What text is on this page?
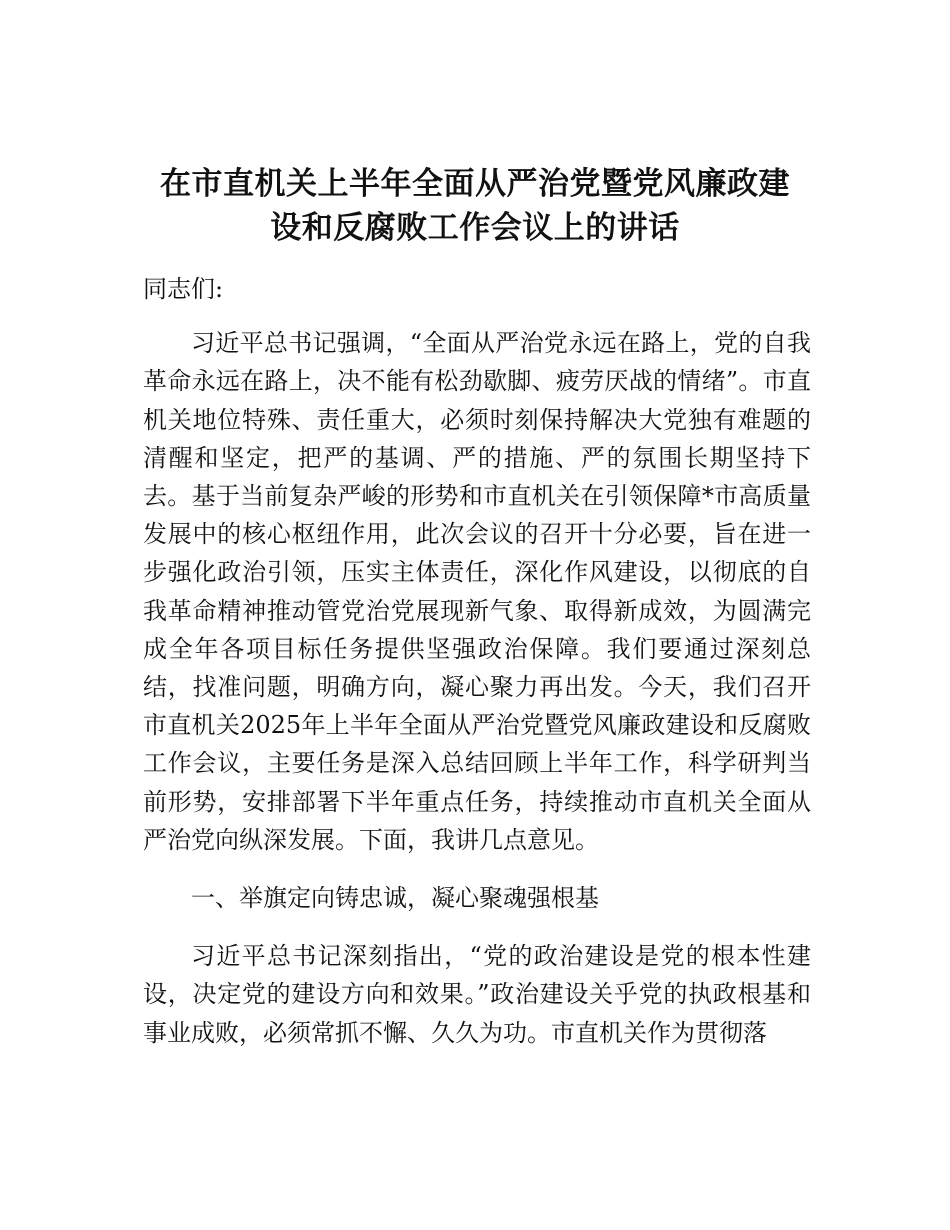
在市直机关上半年全面从严治党暨党风廉政建
设和反腐败工作会议上的讲话

同志们:

习近平总书记强调，“全面从严治党永远在路上，党的自我革命永远在路上，决不能有松劲歇脚、疲劳厌战的情绪”。市直机关地位特殊、责任重大，必须时刻保持解决大党独有难题的清醒和坚定，把严的基调、严的措施、严的氛围长期坚持下去。基于当前复杂严峻的形势和市直机关在引领保障*市高质量发展中的核心枢纽作用，此次会议的召开十分必要，旨在进一步强化政治引领，压实主体责任，深化作风建设，以彻底的自我革命精神推动管党治党展现新气象、取得新成效，为圆满完成全年各项目标任务提供坚强政治保障。我们要通过深刻总结，找准问题，明确方向，凝心聚力再出发。今天，我们召开市直机关2025年上半年全面从严治党暨党风廉政建设和反腐败工作会议，主要任务是深入总结回顾上半年工作，科学研判当前形势，安排部署下半年重点任务，持续推动市直机关全面从严治党向纵深发展。下面，我讲几点意见。

一、举旗定向铸忠诚，凝心聚魂强根基

习近平总书记深刻指出，“党的政治建设是党的根本性建设，决定党的建设方向和效果。”政治建设关乎党的执政根基和事业成败，必须常抓不懈、久久为功。市直机关作为贯彻落
